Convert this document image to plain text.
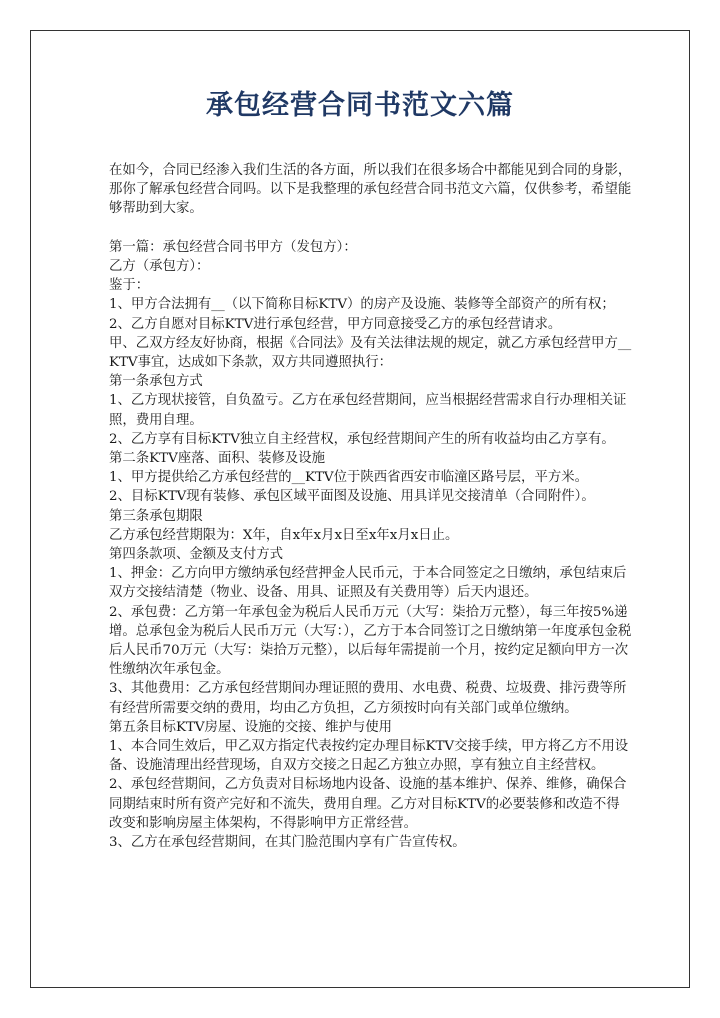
承包经营合同书范文六篇

在如今，合同已经渗入我们生活的各方面，所以我们在很多场合中都能见到合同的身影，那你了解承包经营合同吗。以下是我整理的承包经营合同书范文六篇，仅供参考，希望能够帮助到大家。

第一篇：承包经营合同书甲方（发包方）：

乙方（承包方）：

鉴于：

1、甲方合法拥有__（以下简称目标KTV）的房产及设施、装修等全部资产的所有权；

2、乙方自愿对目标KTV进行承包经营，甲方同意接受乙方的承包经营请求。

甲、乙双方经友好协商，根据《合同法》及有关法律法规的规定，就乙方承包经营甲方__KTV事宜，达成如下条款，双方共同遵照执行：

第一条承包方式

1、乙方现状接管，自负盈亏。乙方在承包经营期间，应当根据经营需求自行办理相关证照，费用自理。

2、乙方享有目标KTV独立自主经营权，承包经营期间产生的所有收益均由乙方享有。

第二条KTV座落、面积、装修及设施

1、甲方提供给乙方承包经营的__KTV位于陕西省西安市临潼区路号层，平方米。

2、目标KTV现有装修、承包区域平面图及设施、用具详见交接清单（合同附件）。

第三条承包期限

乙方承包经营期限为：X年，自x年x月x日至x年x月x日止。

第四条款项、金额及支付方式

1、押金：乙方向甲方缴纳承包经营押金人民币元，于本合同签定之日缴纳，承包结束后双方交接结清楚（物业、设备、用具、证照及有关费用等）后天内退还。

2、承包费：乙方第一年承包金为税后人民币万元（大写：柒拾万元整），每三年按5%递增。总承包金为税后人民币万元（大写：），乙方于本合同签订之日缴纳第一年度承包金税后人民币70万元（大写：柒拾万元整），以后每年需提前一个月，按约定足额向甲方一次性缴纳次年承包金。

3、其他费用：乙方承包经营期间办理证照的费用、水电费、税费、垃圾费、排污费等所有经营所需要交纳的费用，均由乙方负担，乙方须按时向有关部门或单位缴纳。

第五条目标KTV房屋、设施的交接、维护与使用

1、本合同生效后，甲乙双方指定代表按约定办理目标KTV交接手续，甲方将乙方不用设备、设施清理出经营现场，自双方交接之日起乙方独立办照，享有独立自主经营权。

2、承包经营期间，乙方负责对目标场地内设备、设施的基本维护、保养、维修，确保合同期结束时所有资产完好和不流失，费用自理。乙方对目标KTV的必要装修和改造不得改变和影响房屋主体架构，不得影响甲方正常经营。

3、乙方在承包经营期间，在其门脸范围内享有广告宣传权。
